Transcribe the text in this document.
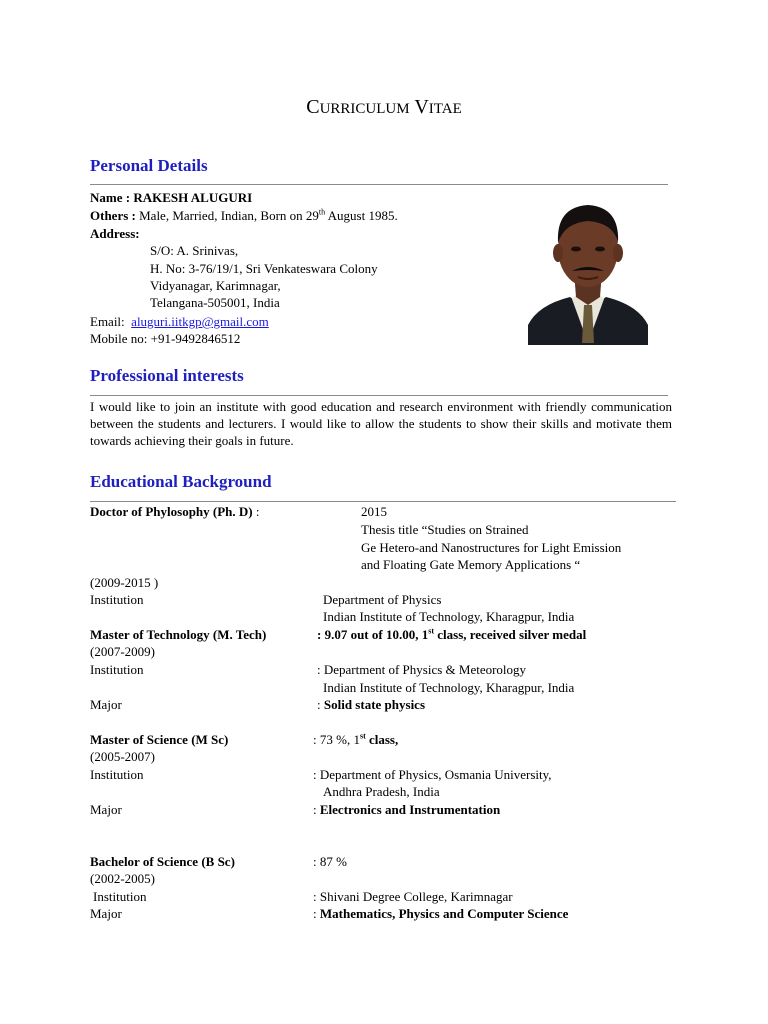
CURRICULUM VITAE
Personal Details
Name : RAKESH ALUGURI
Others : Male, Married, Indian, Born on 29th August 1985.
Address:
S/O: A. Srinivas,
H. No: 3-76/19/1, Sri Venkateswara Colony
Vidyanagar, Karimnagar,
Telangana-505001, India
Email: aluguri.iitkgp@gmail.com
Mobile no: +91-9492846512
Professional interests
I would like to join an institute with good education and research environment with friendly communication between the students and lecturers. I would like to allow the students to show their skills and motivate them towards achieving their goals in future.
Educational Background
Doctor of Phylosophy (Ph. D) :	2015
Thesis title “Studies on Strained
Ge Hetero-and Nanostructures for Light Emission
and Floating Gate Memory Applications “
(2009-2015 )
Institution	Department of Physics
Indian Institute of Technology, Kharagpur, India
Master of Technology (M. Tech)	: 9.07 out of 10.00, 1st class, received silver medal
(2007-2009)
Institution	: Department of Physics & Meteorology
Indian Institute of Technology, Kharagpur, India
Major	: Solid state physics
Master of Science (M Sc)	: 73 %, 1st class,
(2005-2007)
Institution	: Department of Physics, Osmania University,
Andhra Pradesh, India
Major	: Electronics and Instrumentation
Bachelor of Science (B Sc)	: 87 %
(2002-2005)
Institution	: Shivani Degree College, Karimnagar
Major	: Mathematics, Physics and Computer Science
